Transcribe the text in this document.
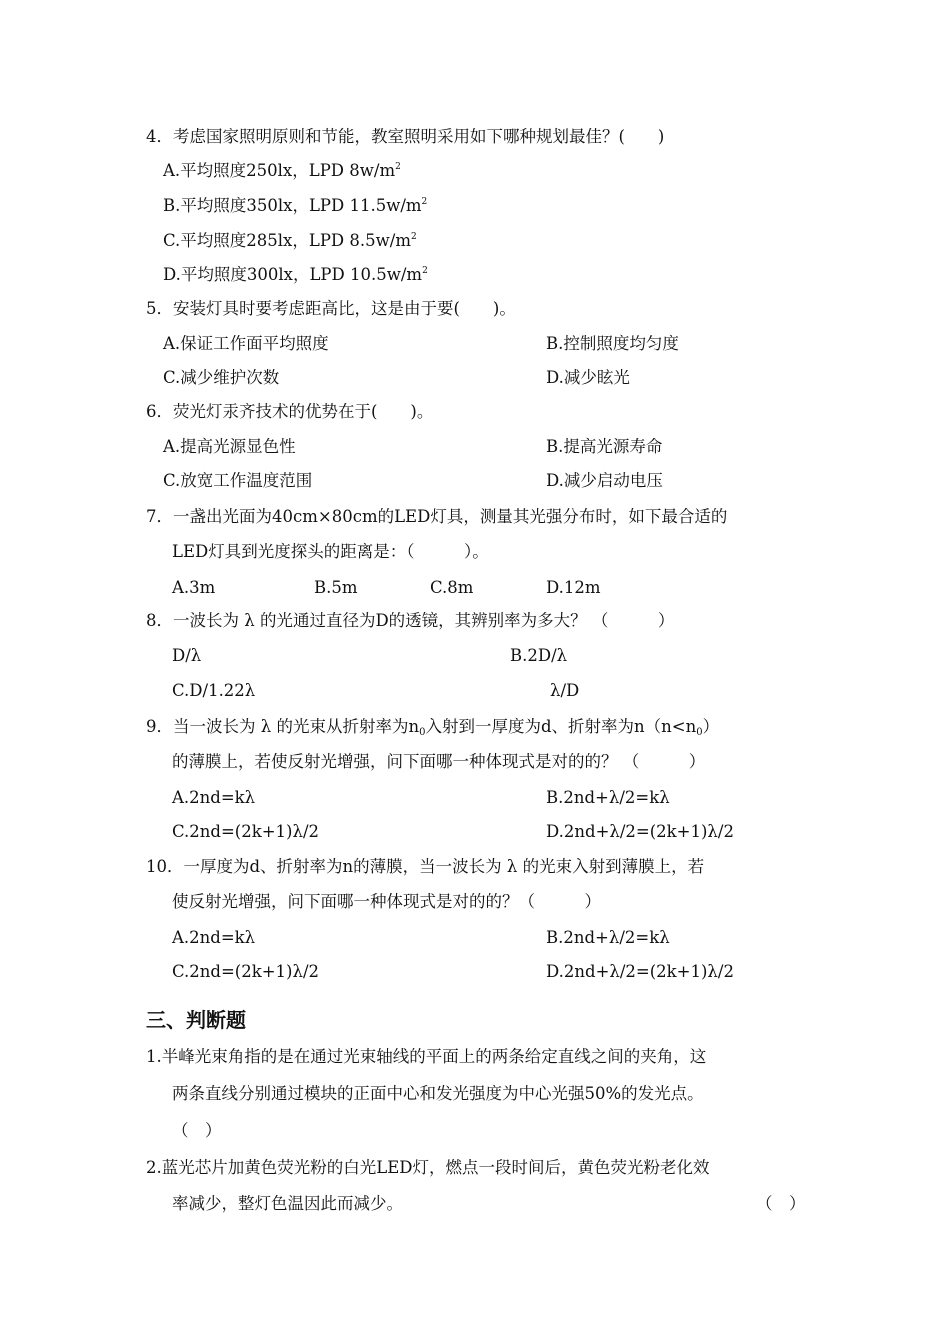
4．考虑国家照明原则和节能，教室照明采用如下哪种规划最佳？(　　)
A.平均照度250lx，LPD $8w/m^2$
B.平均照度350lx，LPD $11.5w/m^2$
C.平均照度285lx，LPD $8.5w/m^2$
D.平均照度300lx，LPD $10.5w/m^2$
5．安装灯具时要考虑距高比，这是由于要(　　)。
A.保证工作面平均照度	B.控制照度均匀度
C.减少维护次数	D.减少眩光
6．荧光灯汞齐技术的优势在于(　　)。
A.提高光源显色性	B.提高光源寿命
C.放宽工作温度范围	D.减少启动电压
7．一盏出光面为40cm×80cm的LED灯具，测量其光强分布时，如下最合适的
LED灯具到光度探头的距离是：（　　　）。
A.3m	B.5m	C.8m	D.12m
8．一波长为 λ 的光通过直径为D的透镜，其辨别率为多大？ （　　　）
D/λ	B.2D/λ
C.D/1.22λ	λ/D
9．当一波长为 λ 的光束从折射率为$n_0$入射到一厚度为d、折射率为$n(n<n_0)$
的薄膜上，若使反射光增强，问下面哪一种体现式是对的的？ （　　　）
A.2nd=kλ	B.2nd+λ/2=kλ
C.2nd=(2k+1)λ/2	D.2nd+λ/2=(2k+1)λ/2
10．一厚度为d、折射率为n的薄膜，当一波长为 λ 的光束入射到薄膜上，若
使反射光增强，问下面哪一种体现式是对的的？（　　　）
A.2nd=kλ	B.2nd+λ/2=kλ
C.2nd=(2k+1)λ/2	D.2nd+λ/2=(2k+1)λ/2
三、判断题
1.半峰光束角指的是在通过光束轴线的平面上的两条给定直线之间的夹角，这
两条直线分别通过模块的正面中心和发光强度为中心光强50%的发光点。
（　）
2.蓝光芯片加黄色荧光粉的白光LED灯，燃点一段时间后，黄色荧光粉老化效
率减少，整灯色温因此而减少。	（　）
